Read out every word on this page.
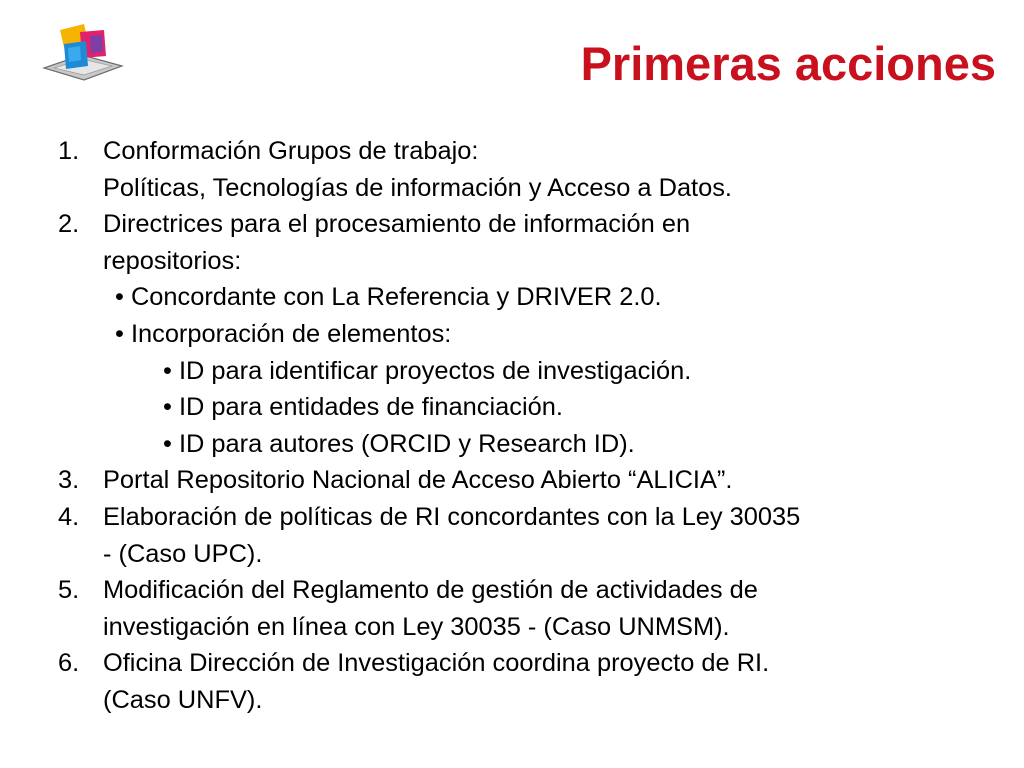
Primeras acciones
1. Conformación Grupos de trabajo:
Políticas, Tecnologías de información y Acceso a Datos.
2. Directrices para el procesamiento de información en
repositorios:
• Concordante con La Referencia y DRIVER 2.0.
• Incorporación de elementos:
• ID para identificar proyectos de investigación.
• ID para entidades de financiación.
• ID para autores (ORCID y Research ID).
3. Portal Repositorio Nacional de Acceso Abierto “ALICIA”.
4. Elaboración de políticas de RI concordantes con la Ley 30035
- (Caso UPC).
5. Modificación del Reglamento de gestión de actividades de
investigación en línea con Ley 30035 - (Caso UNMSM).
6. Oficina Dirección de Investigación coordina proyecto de RI.
(Caso UNFV).
